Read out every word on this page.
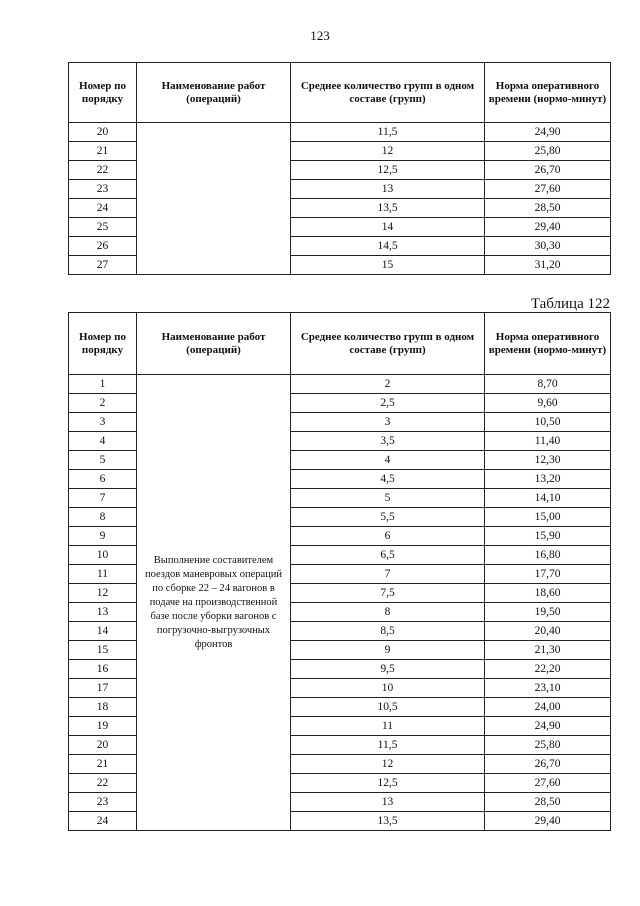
123
Номер по порядку	Наименование работ (операций)	Среднее количество групп в одном составе (групп)	Норма оперативного времени (нормо-минут)
20		11,5	24,90
21		12	25,80
22		12,5	26,70
23		13	27,60
24		13,5	28,50
25		14	29,40
26		14,5	30,30
27		15	31,20
Таблица 122
Номер по порядку	Наименование работ (операций)	Среднее количество групп в одном составе (групп)	Норма оперативного времени (нормо-минут)
1	Выполнение составителем поездов маневровых операций по сборке 22 – 24 вагонов в подаче на производственной базе после уборки вагонов с погрузочно-выгрузочных фронтов	2	8,70
2		2,5	9,60
3		3	10,50
4		3,5	11,40
5		4	12,30
6		4,5	13,20
7		5	14,10
8		5,5	15,00
9		6	15,90
10		6,5	16,80
11		7	17,70
12		7,5	18,60
13		8	19,50
14		8,5	20,40
15		9	21,30
16		9,5	22,20
17		10	23,10
18		10,5	24,00
19		11	24,90
20		11,5	25,80
21		12	26,70
22		12,5	27,60
23		13	28,50
24		13,5	29,40
